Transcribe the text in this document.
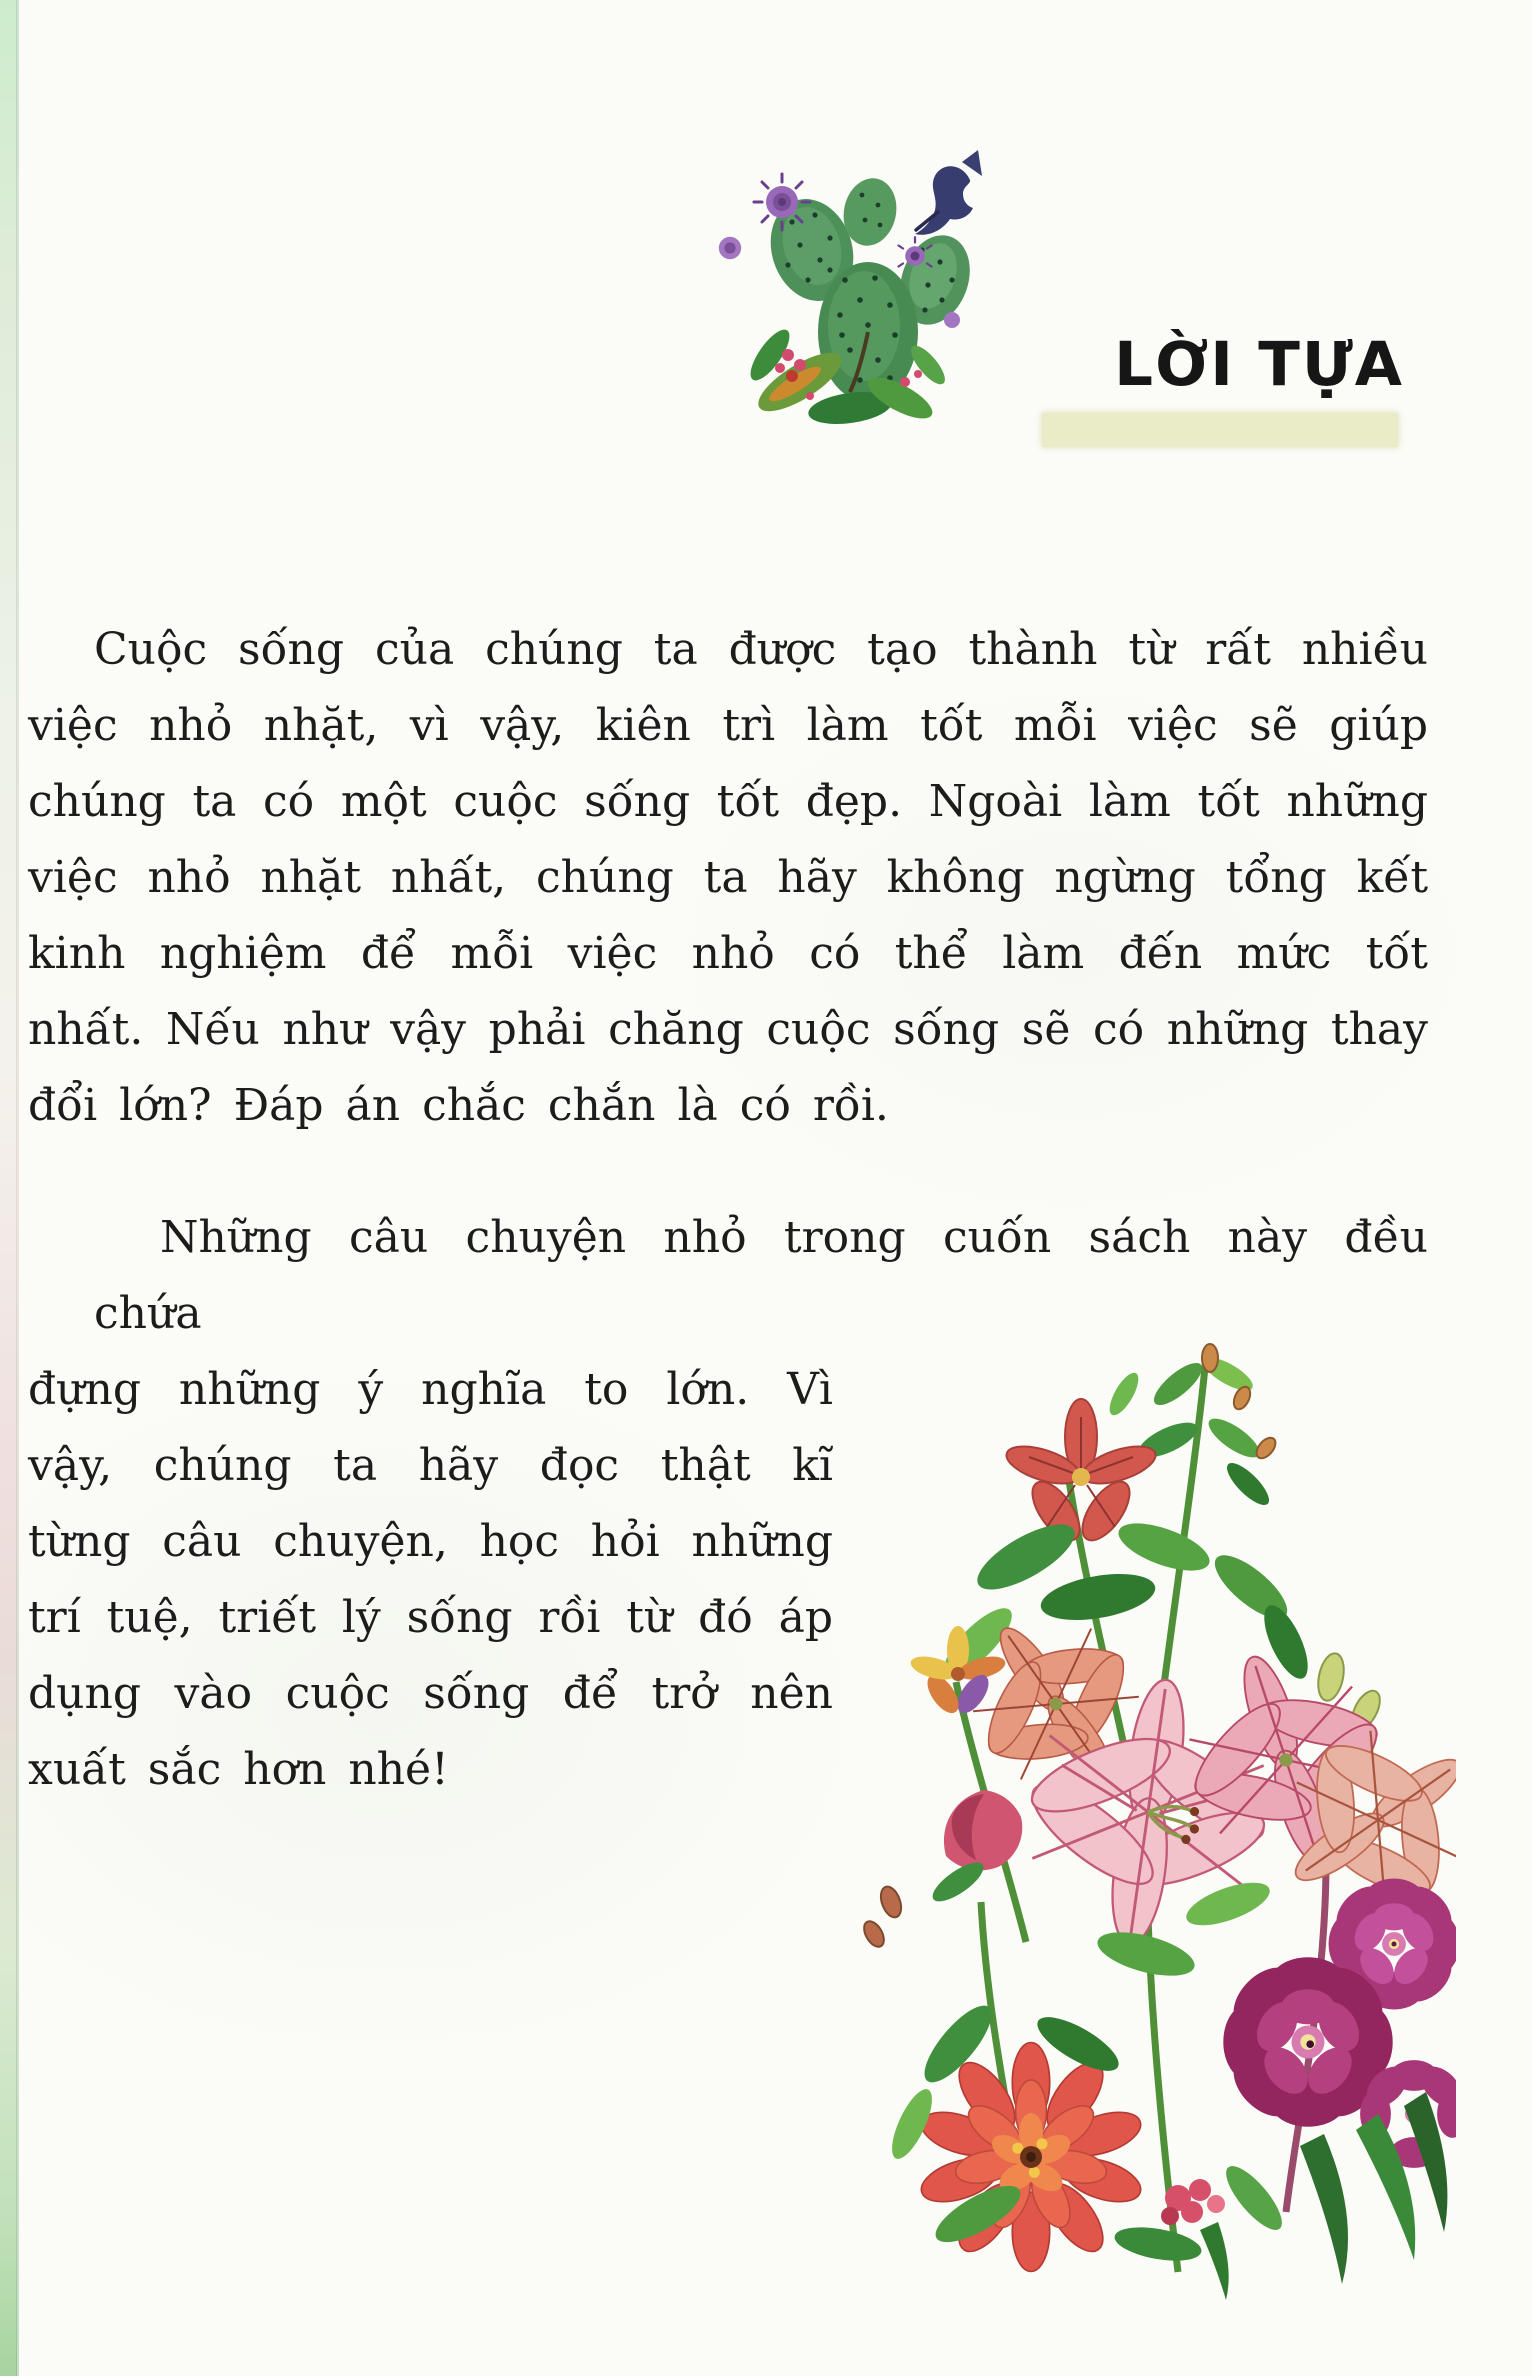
LỜI TỰA

Cuộc sống của chúng ta được tạo thành từ rất nhiều việc nhỏ nhặt, vì vậy, kiên trì làm tốt mỗi việc sẽ giúp chúng ta có một cuộc sống tốt đẹp. Ngoài làm tốt những việc nhỏ nhặt nhất, chúng ta hãy không ngừng tổng kết kinh nghiệm để mỗi việc nhỏ có thể làm đến mức tốt nhất. Nếu như vậy phải chăng cuộc sống sẽ có những thay đổi lớn? Đáp án chắc chắn là có rồi.

Những câu chuyện nhỏ trong cuốn sách này đều chứa

đựng những ý nghĩa to lớn. Vì vậy, chúng ta hãy đọc thật kĩ từng câu chuyện, học hỏi những trí tuệ, triết lý sống rồi từ đó áp dụng vào cuộc sống để trở nên xuất sắc hơn nhé!
